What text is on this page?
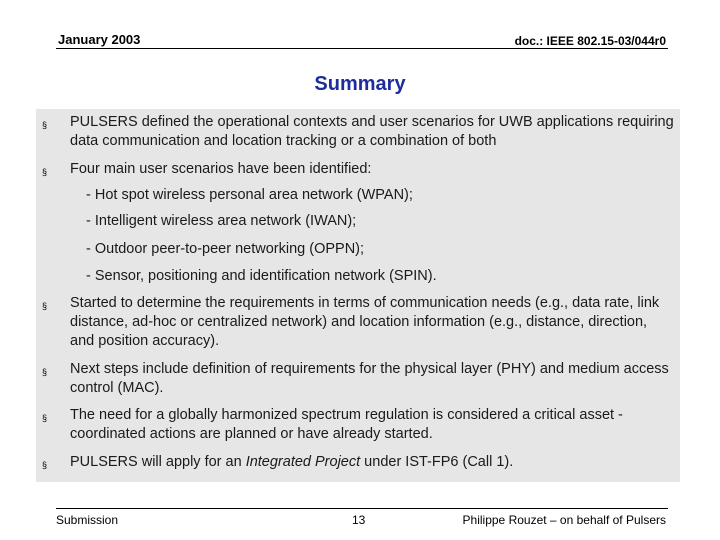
January 2003	doc.: IEEE 802.15-03/044r0
Summary
§ PULSERS defined the operational contexts and user scenarios for UWB applications requiring data communication and location tracking or a combination of both
§ Four main user scenarios have been identified:
- Hot spot wireless personal area network (WPAN);
- Intelligent wireless area network (IWAN);
- Outdoor peer-to-peer networking (OPPN);
- Sensor, positioning and identification network (SPIN).
§ Started to determine the requirements in terms of communication needs (e.g., data rate, link distance, ad-hoc or centralized network) and location information (e.g., distance, direction, and position accuracy).
§ Next steps include definition of requirements for the physical layer (PHY) and medium access control (MAC).
§ The need for a globally harmonized spectrum regulation is considered a critical asset - coordinated actions are planned or have already started.
§ PULSERS will apply for an Integrated Project under IST-FP6 (Call 1).
Submission	13	Philippe Rouzet – on behalf of Pulsers
